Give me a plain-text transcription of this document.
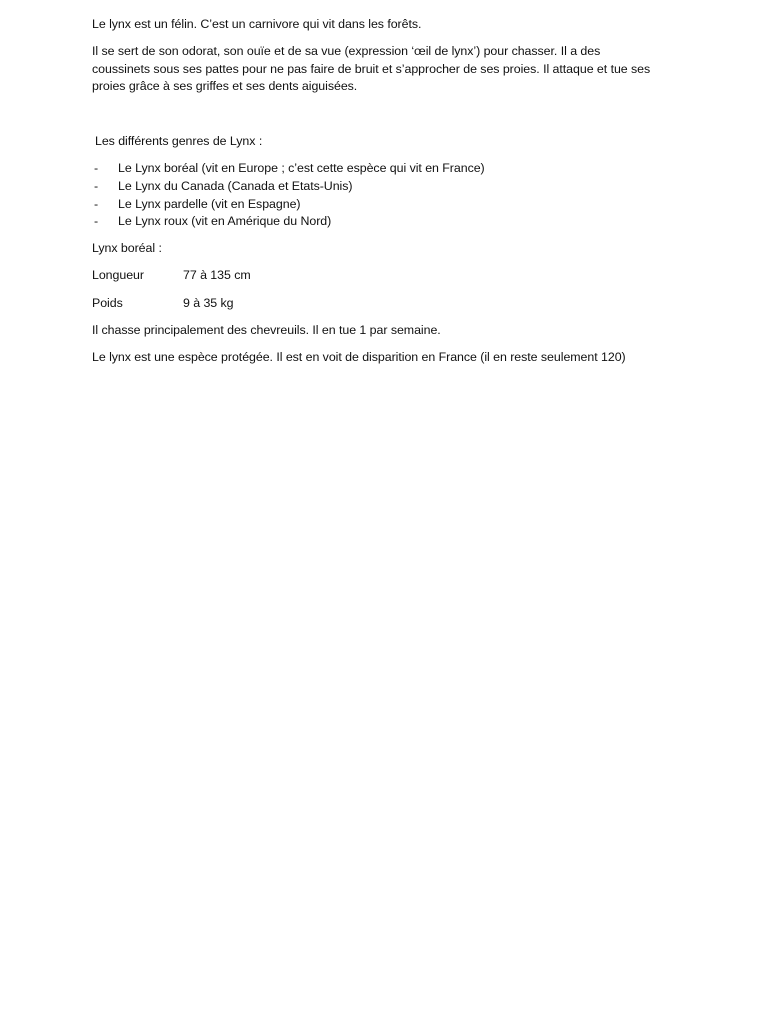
Le lynx est un félin. C’est un carnivore qui vit dans les forêts.

Il se sert de son odorat, son ouïe et de sa vue (expression ‘œil de lynx’) pour chasser. Il a des
coussinets sous ses pattes pour ne pas faire de bruit et s’approcher de ses proies. Il attaque et tue ses
proies grâce à ses griffes et ses dents aiguisées.

Les différents genres de Lynx :
- Le Lynx boréal (vit en Europe ; c’est cette espèce qui vit en France)
- Le Lynx du Canada (Canada et Etats-Unis)
- Le Lynx pardelle (vit en Espagne)
- Le Lynx roux (vit en Amérique du Nord)

Lynx boréal :

Longueur	77 à 135 cm
Poids	9 à 35 kg

Il chasse principalement des chevreuils. Il en tue 1 par semaine.

Le lynx est une espèce protégée. Il est en voit de disparition en France (il en reste seulement 120)
